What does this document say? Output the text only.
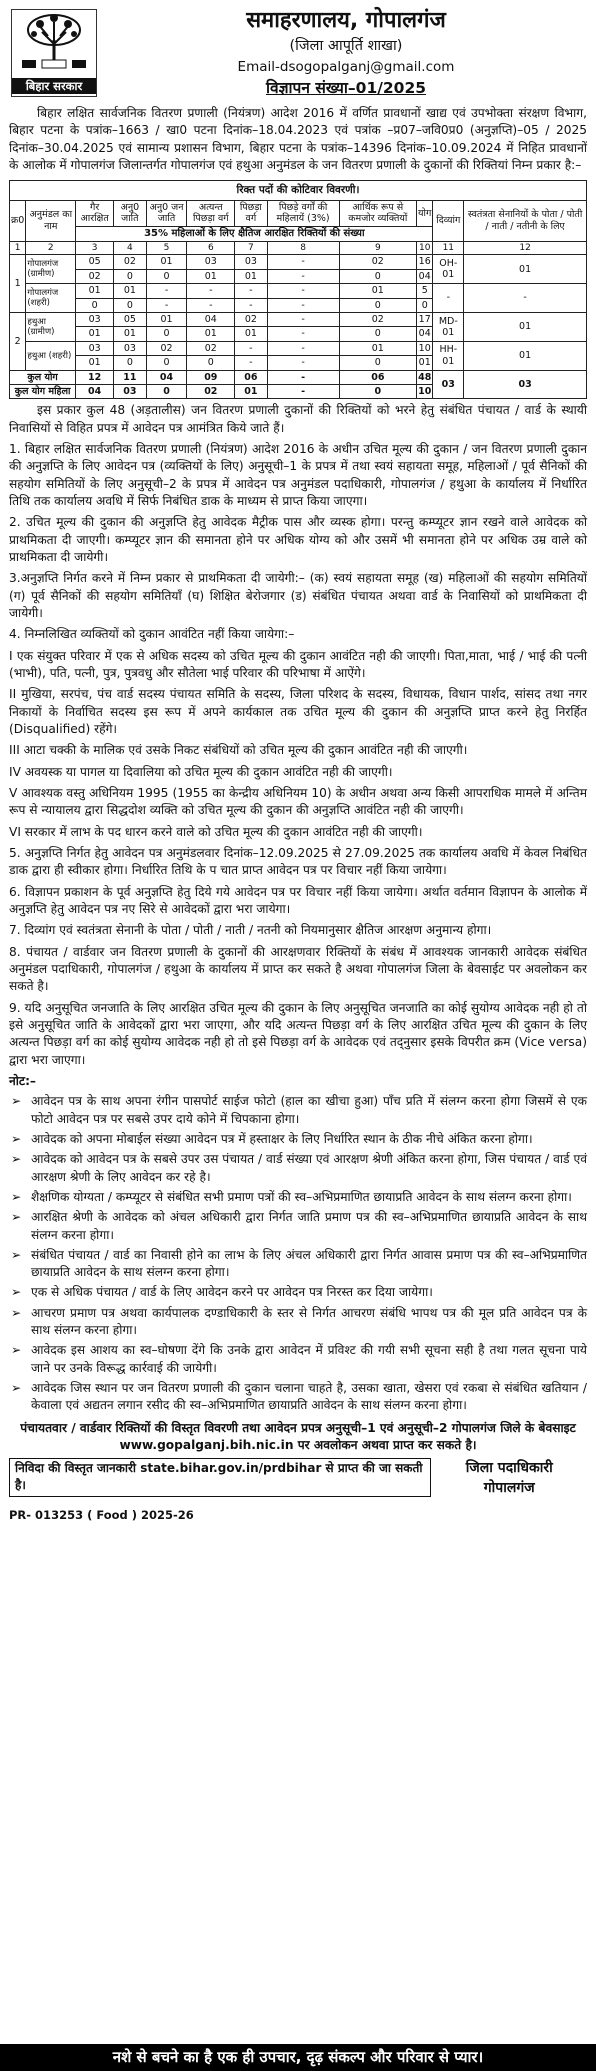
बिहार सरकार
समाहरणालय, गोपालगंज
(जिला आपूर्ति शाखा)
Email-dsogopalganj@gmail.com
विज्ञापन संख्या–01/2025

बिहार लक्षित सार्वजनिक वितरण प्रणाली (नियंत्रण) आदेश 2016 में वर्णित प्रावधानों खाद्य एवं उपभोक्ता संरक्षण विभाग, बिहार पटना के पत्रांक–1663 / खा0 पटना दिनांक–18.04.2023 एवं पत्रांक –प्र07–जवि0प्र0 (अनुज्ञप्ति)–05 / 2025 दिनांक–30.04.2025 एवं सामान्य प्रशासन विभाग, बिहार पटना के पत्रांक–14396 दिनांक–10.09.2024 में निहित प्रावधानों के आलोक में गोपालगंज जिलान्तर्गत गोपालगंज एवं हथुआ अनुमंडल के जन वितरण प्रणाली के दुकानों की रिक्तियां निम्न प्रकार है:–

रिक्त पदों की कोटिवार विवरणी।											
क्र0	अनुमंडल का नाम	गैर आरक्षित	अनु0 जाति	अनु0 जन जाति	अत्यन्त पिछड़ा वर्ग	पिछड़ा वर्ग	पिछड़े वर्गों की महिलायें (3%)	आर्थिक रूप से कमजोर व्यक्तियों	योग	दिव्यांग	स्वतंत्रता सेनानियों के पोता / पोती / नाती / नतीनी के लिए
		35% महिलाओं के लिए क्षैतिज आरक्षित रिक्तियों की संख्या									
1	2	3	4	5	6	7	8	9	10	11	12
1	गोपालगंज (ग्रामीण)	05	02	01	03	03	-	02	16	OH-01	01
		02	0	0	01	01	-	0	04		
	गोपालगंज (शहरी)	01	01	-	-	-	-	01	5	-	-
		0	0	-	-	-	-	0	0		
2	हथुआ (ग्रामीण)	03	05	01	04	02	-	02	17	MD-01	01
		01	01	0	01	01	-	0	04		
	हथुआ (शहरी)	03	03	02	02	-	-	01	10	HH-01	01
		01	0	0	0	-	-	0	01		
कुल योग		12	11	04	09	06	-	06	48	03	03
कुल योग महिला		04	03	0	02	01	-	0	10		

इस प्रकार कुल 48 (अड़तालीस) जन वितरण प्रणाली दुकानों की रिक्तियों को भरने हेतु संबंधित पंचायत / वार्ड के स्थायी निवासियों से विहित प्रपत्र में आवेदन पत्र आमंत्रित किये जाते हैं।

1. बिहार लक्षित सार्वजनिक वितरण प्रणाली (नियंत्रण) आदेश 2016 के अधीन उचित मूल्य की दुकान / जन वितरण प्रणाली दुकान की अनुज्ञप्ति के लिए आवेदन पत्र (व्यक्तियों के लिए) अनुसूची–1 के प्रपत्र में तथा स्वयं सहायता समूह, महिलाओं / पूर्व सैनिकों की सहयोग समितियों के लिए अनुसूची–2 के प्रपत्र में आवेदन पत्र अनुमंडल पदाधिकारी, गोपालगंज / हथुआ के कार्यालय में निर्धारित तिथि तक कार्यालय अवधि में सिर्फ निबंधित डाक के माध्यम से प्राप्त किया जाएगा।
2. उचित मूल्य की दुकान की अनुज्ञप्ति हेतु आवेदक मैट्रीक पास और व्यस्क होगा। परन्तु कम्प्यूटर ज्ञान रखने वाले आवेदक को प्राथमिकता दी जाएगी। कम्प्यूटर ज्ञान की समानता होने पर अधिक योग्य को और उसमें भी समानता होने पर अधिक उम्र वाले को प्राथमिकता दी जायेगी।
3.अनुज्ञप्ति निर्गत करने में निम्न प्रकार से प्राथमिकता दी जायेगी:– (क) स्वयं सहायता समूह (ख) महिलाओं की सहयोग समितियों (ग) पूर्व सैनिकों की सहयोग समितियाँ (घ) शिक्षित बेरोजगार (ड) संबंधित पंचायत अथवा वार्ड के निवासियों को प्राथमिकता दी जायेगी।
4. निम्नलिखित व्यक्तियों को दुकान आवंटित नहीं किया जायेगा:–
I एक संयुक्त परिवार में एक से अधिक सदस्य को उचित मूल्य की दुकान आवंटित नही की जाएगी। पिता,माता, भाई / भाई की पत्नी (भाभी), पति, पत्नी, पुत्र, पुत्रवधु और सौतेला भाई परिवार की परिभाषा में आऐंगे।
II मुखिया, सरपंच, पंच वार्ड सदस्य पंचायत समिति के सदस्य, जिला परिशद के सदस्य, विधायक, विधान पार्शद, सांसद तथा नगर निकायों के निर्वाचित सदस्य इस रूप में अपने कार्यकाल तक उचित मूल्य की दुकान की अनुज्ञप्ति प्राप्त करने हेतु निरर्हित (Disqualified) रहेंगे।
III आटा चक्की के मालिक एवं उसके निकट संबंधियों को उचित मूल्य की दुकान आवंटित नही की जाएगी।
IV अवयस्क या पागल या दिवालिया को उचित मूल्य की दुकान आवंटित नही की जाएगी।
V आवश्यक वस्तु अधिनियम 1995 (1955 का केन्द्रीय अधिनियम 10) के अधीन अथवा अन्य किसी आपराधिक मामले में अन्तिम रूप से न्यायालय द्वारा सिद्धदोश व्यक्ति को उचित मूल्य की दुकान की अनुज्ञप्ति आवंटित नही की जाएगी।
VI सरकार में लाभ के पद धारन करने वाले को उचित मूल्य की दुकान आवंटित नही की जाएगी।
5. अनुज्ञप्ति निर्गत हेतु आवेदन पत्र अनुमंडलवार दिनांक–12.09.2025 से 27.09.2025 तक कार्यालय अवधि में केवल निबंधित डाक द्वारा ही स्वीकार होगा। निर्धारित तिथि के प चात प्राप्त आवेदन पत्र पर विचार नहीं किया जायेगा।
6. विज्ञापन प्रकाशन के पूर्व अनुज्ञप्ति हेतु दिये गये आवेदन पत्र पर विचार नहीं किया जायेगा। अर्थात वर्तमान विज्ञापन के आलोक में अनुज्ञप्ति हेतु आवेदन पत्र नए सिरे से आवेदकों द्वारा भरा जायेगा।
7. दिव्यांग एवं स्वतंत्रता सेनानी के पोता / पोती / नाती / नतनी को नियमानुसार क्षैतिज आरक्षण अनुमान्य होगा।
8. पंचायत / वार्डवार जन वितरण प्रणाली के दुकानों की आरक्षणवार रिक्तियों के संबंध में आवश्यक जानकारी आवेदक संबंधित अनुमंडल पदाधिकारी, गोपालगंज / हथुआ के कार्यालय में प्राप्त कर सकते है अथवा गोपालगंज जिला के बेवसाईट पर अवलोकन कर सकते है।
9. यदि अनुसूचित जनजाति के लिए आरक्षित उचित मूल्य की दुकान के लिए अनुसूचित जनजाति का कोई सुयोग्य आवेदक नही हो तो इसे अनुसूचित जाति के आवेदकों द्वारा भरा जाएगा, और यदि अत्यन्त पिछड़ा वर्ग के लिए आरक्षित उचित मूल्य की दुकान के लिए अत्यन्त पिछड़ा वर्ग का कोई सुयोग्य आवेदक नही हो तो इसे पिछड़ा वर्ग के आवेदक एवं तद्नुसार इसके विपरीत क्रम (Vice versa) द्वारा भरा जाएगा।
नोट:–
➢ आवेदन पत्र के साथ अपना रंगीन पासपोर्ट साईज फोटो (हाल का खीचा हुआ) पाँच प्रति में संलग्न करना होगा जिसमें से एक फोटो आवेदन पत्र पर सबसे उपर दाये कोने में चिपकाना होगा।
➢ आवेदक को अपना मोबाईल संख्या आवेदन पत्र में हस्ताक्षर के लिए निर्धारित स्थान के ठीक नीचे अंकित करना होगा।
➢ आवेदक को आवेदन पत्र के सबसे उपर उस पंचायत / वार्ड संख्या एवं आरक्षण श्रेणी अंकित करना होगा, जिस पंचायत / वार्ड एवं आरक्षण श्रेणी के लिए आवेदन कर रहे है।
➢ शैक्षणिक योग्यता / कम्प्यूटर से संबंधित सभी प्रमाण पत्रों की स्व–अभिप्रमाणित छायाप्रति आवेदन के साथ संलग्न करना होगा।
➢ आरक्षित श्रेणी के आवेदक को अंचल अधिकारी द्वारा निर्गत जाति प्रमाण पत्र की स्व–अभिप्रमाणित छायाप्रति आवेदन के साथ संलग्न करना होगा।
➢ संबंधित पंचायत / वार्ड का निवासी होने का लाभ के लिए अंचल अधिकारी द्वारा निर्गत आवास प्रमाण पत्र की स्व–अभिप्रमाणित छायाप्रति आवेदन के साथ संलग्न करना होगा।
➢ एक से अधिक पंचायत / वार्ड के लिए आवेदन करने पर आवेदन पत्र निरस्त कर दिया जायेगा।
➢ आचरण प्रमाण पत्र अथवा कार्यपालक दण्डाधिकारी के स्तर से निर्गत आचरण संबंधि भापथ पत्र की मूल प्रति आवेदन पत्र के साथ संलग्न करना होगा।
➢ आवेदक इस आशय का स्व–घोषणा देंगे कि उनके द्वारा आवेदन में प्रविश्ट की गयी सभी सूचना सही है तथा गलत सूचना पाये जाने पर उनके विरूद्ध कार्रवाई की जायेगी।
➢ आवेदक जिस स्थान पर जन वितरण प्रणाली की दुकान चलाना चाहते है, उसका खाता, खेसरा एवं रकबा से संबंधित खतियान / केवाला एवं अद्यतन लगान रसीद की स्व–अभिप्रमाणित छायाप्रति आवेदन के साथ संलग्न करना होगा।
पंचायतवार / वार्डवार रिक्तियों की विस्तृत विवरणी तथा आवेदन प्रपत्र अनुसूची–1 एवं अनुसूची–2 गोपालगंज जिले के बेवसाइट www.gopalganj.bih.nic.in पर अवलोकन अथवा प्राप्त कर सकते है।
निविदा की विस्तृत जानकारी state.bihar.gov.in/prdbihar से प्राप्त की जा सकती है।
PR- 013253 ( Food ) 2025-26
जिला पदाधिकारी
गोपालगंज
नशे से बचने का है एक ही उपचार, दृढ़ संकल्प और परिवार से प्यार।
